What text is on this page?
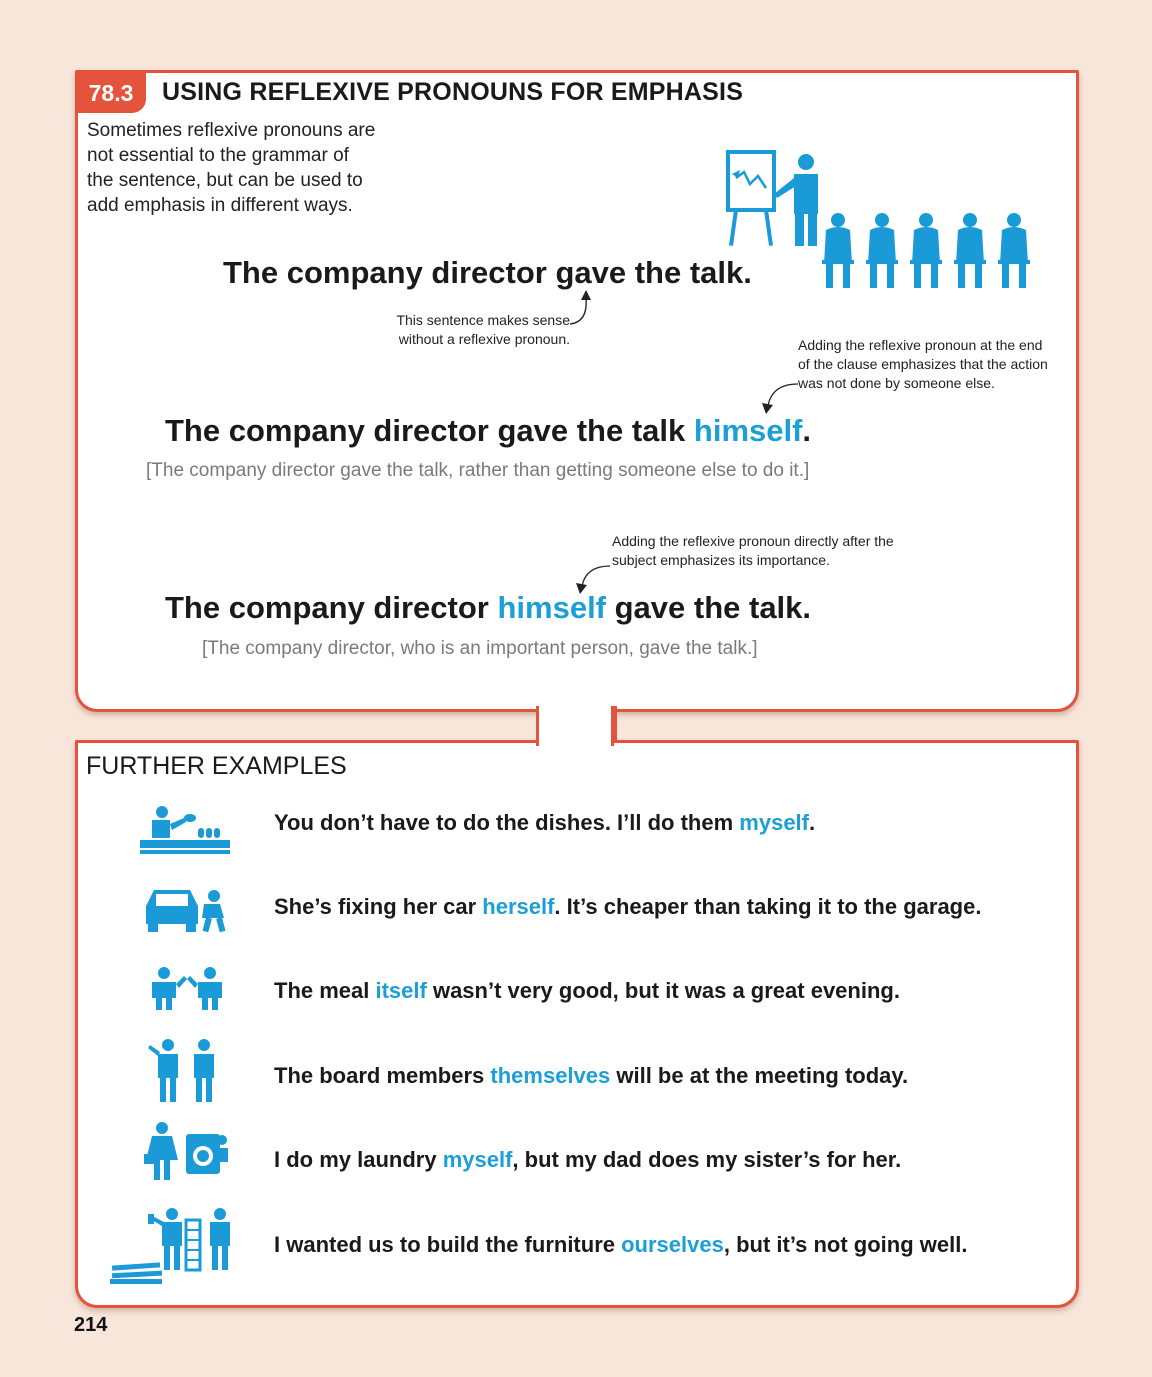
78.3	USING REFLEXIVE PRONOUNS FOR EMPHASIS
Sometimes reflexive pronouns are not essential to the grammar of the sentence, but can be used to add emphasis in different ways.
The company director gave the talk.
This sentence makes sense without a reflexive pronoun.	Adding the reflexive pronoun at the end of the clause emphasizes that the action was not done by someone else.
The company director gave the talk himself.
[The company director gave the talk, rather than getting someone else to do it.]
Adding the reflexive pronoun directly after the subject emphasizes its importance.
The company director himself gave the talk.
[The company director, who is an important person, gave the talk.]
FURTHER EXAMPLES
You don’t have to do the dishes. I’ll do them myself.
She’s fixing her car herself. It’s cheaper than taking it to the garage.
The meal itself wasn’t very good, but it was a great evening.
The board members themselves will be at the meeting today.
I do my laundry myself, but my dad does my sister’s for her.
I wanted us to build the furniture ourselves, but it’s not going well.
214
